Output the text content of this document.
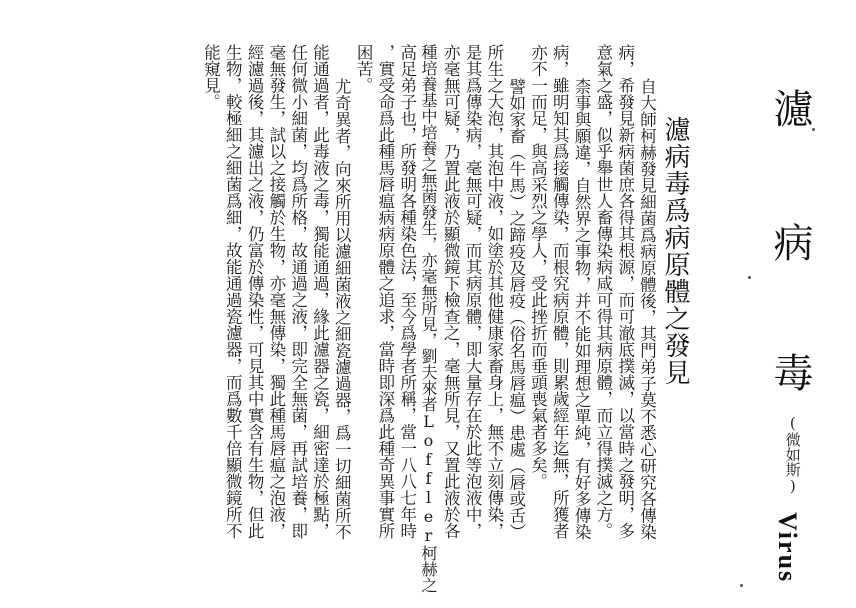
濾
病
毒
(微如斯)
Virus
濾病毒爲病原體之發見
自大師柯赫發見細菌爲病原體後，其門弟子莫不悉心研究各傳染
病，希發見新病菌庶各得其根源，而可澈底撲滅，以當時之發明，多
意氣之盛，似乎舉世人畜傳染病咸可得其病原體，而立得撲滅之方。
柰事與願違，自然界之事物，并不能如理想之單純，有好多傳染
病，雖明知其爲接觸傳染，而根究病原體，則累歲經年迄無，所獲者
亦不一而足，與高采烈之學人，受此挫折而垂頭喪氣者多矣。
譬如家畜（牛馬）之蹄疫及唇疫（俗名馬唇瘟）患處（唇或舌）
所生之大泡，其泡中液，如塗於其他健康家畜身上，無不立刻傳染，
是其爲傳染病，毫無可疑，而其病原體，即大量存在於此等泡液中，
亦毫無可疑，乃置此液於顯微鏡下檢查之，毫無所見，又置此液於各
種培養基中培養之無菌發生，亦毫無所見，劉夫來者Loffler柯赫之
高足弟子也，所發明各種染色法，至今爲學者所稱，當一八八七年時
，實受命爲此種馬唇瘟病病原體之追求，當時即深爲此種奇異事實所
困苦。
尤奇異者，向來所用以濾細菌液之細瓷濾過器，爲一切細菌所不
能通過者，此毒液之毒，獨能通過，緣此濾器之瓷，細密達於極點，
任何微小細菌，均爲所格，故通過之液，即完全無菌，再試培養，即
毫無發生，試以之接觸於生物，亦毫無傳染，獨此種馬唇瘟之泡液，
經濾過後，其濾出之液，仍富於傳染性，可見其中實含有生物，但此
生物，較極細之細菌爲細，故能通過瓷濾器，而爲數千倍顯微鏡所不
能窺見。
